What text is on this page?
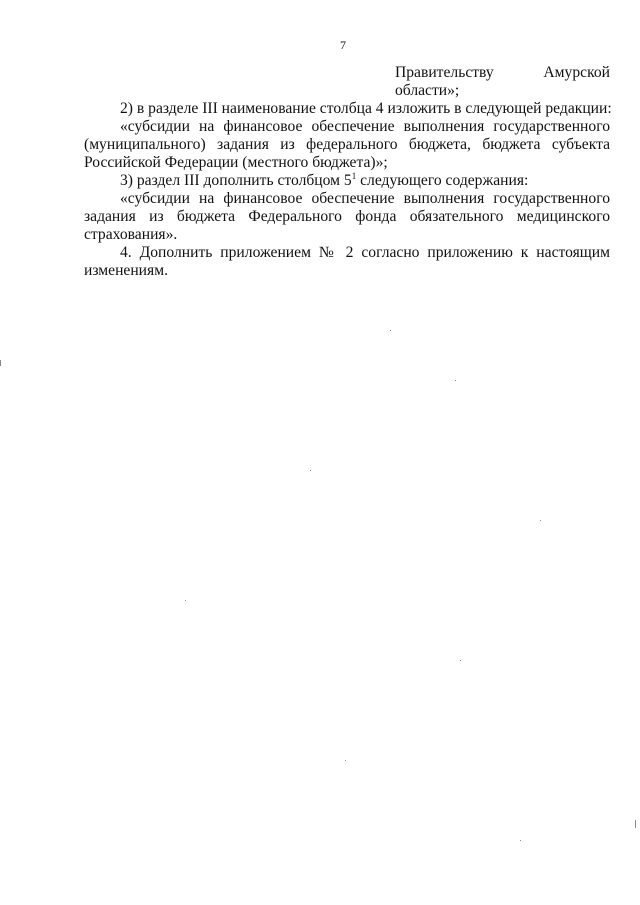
7
Правительству	Амурской
области»;
2) в разделе III наименование столбца 4 изложить в следующей редакции:
«субсидии на финансовое обеспечение выполнения государственного
(муниципального) задания из федерального бюджета, бюджета субъекта
Российской Федерации (местного бюджета)»;
3) раздел III дополнить столбцом $5^1$ следующего содержания:
«субсидии на финансовое обеспечение выполнения государственного
задания из бюджета Федерального фонда обязательного медицинского
страхования».
4. Дополнить приложением № 2 согласно приложению к настоящим
изменениям.
